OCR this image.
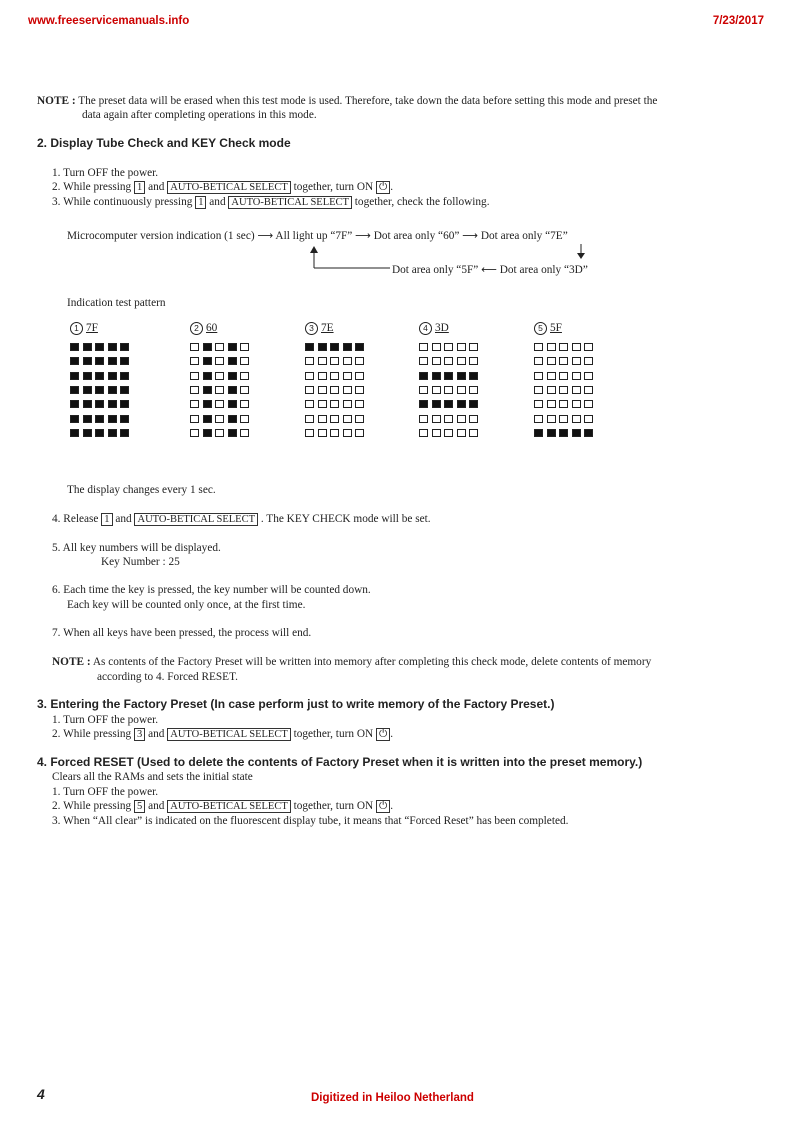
www.freeservicemanuals.info	7/23/2017
NOTE : The preset data will be erased when this test mode is used. Therefore, take down the data before setting this mode and preset the
data again after completing operations in this mode.
2. Display Tube Check and KEY Check mode
1. Turn OFF the power.
2. While pressing 1 and AUTO-BETICAL SELECT together, turn ON ⏻ .
3. While continuously pressing 1 and AUTO-BETICAL SELECT together, check the following.
Microcomputer version indication (1 sec) ⟶ All light up “7F” ⟶ Dot area only “60” ⟶ Dot area only “7E”
Dot area only “5F” ⟵ Dot area only “3D”
Indication test pattern
1 7F	2 60	3 7E	4 3D	5 5F
The display changes every 1 sec.
4. Release 1 and AUTO-BETICAL SELECT . The KEY CHECK mode will be set.
5. All key numbers will be displayed.
Key Number : 25
6. Each time the key is pressed, the key number will be counted down.
Each key will be counted only once, at the first time.
7. When all keys have been pressed, the process will end.
NOTE : As contents of the Factory Preset will be written into memory after completing this check mode, delete contents of memory
according to 4. Forced RESET.
3. Entering the Factory Preset (In case perform just to write memory of the Factory Preset.)
1. Turn OFF the power.
2. While pressing 3 and AUTO-BETICAL SELECT together, turn ON ⏻ .
4. Forced RESET (Used to delete the contents of Factory Preset when it is written into the preset memory.)
Clears all the RAMs and sets the initial state
1. Turn OFF the power.
2. While pressing 5 and AUTO-BETICAL SELECT together, turn ON ⏻ .
3. When “All clear” is indicated on the fluorescent display tube, it means that “Forced Reset” has been completed.
4	Digitized in Heiloo Netherland
